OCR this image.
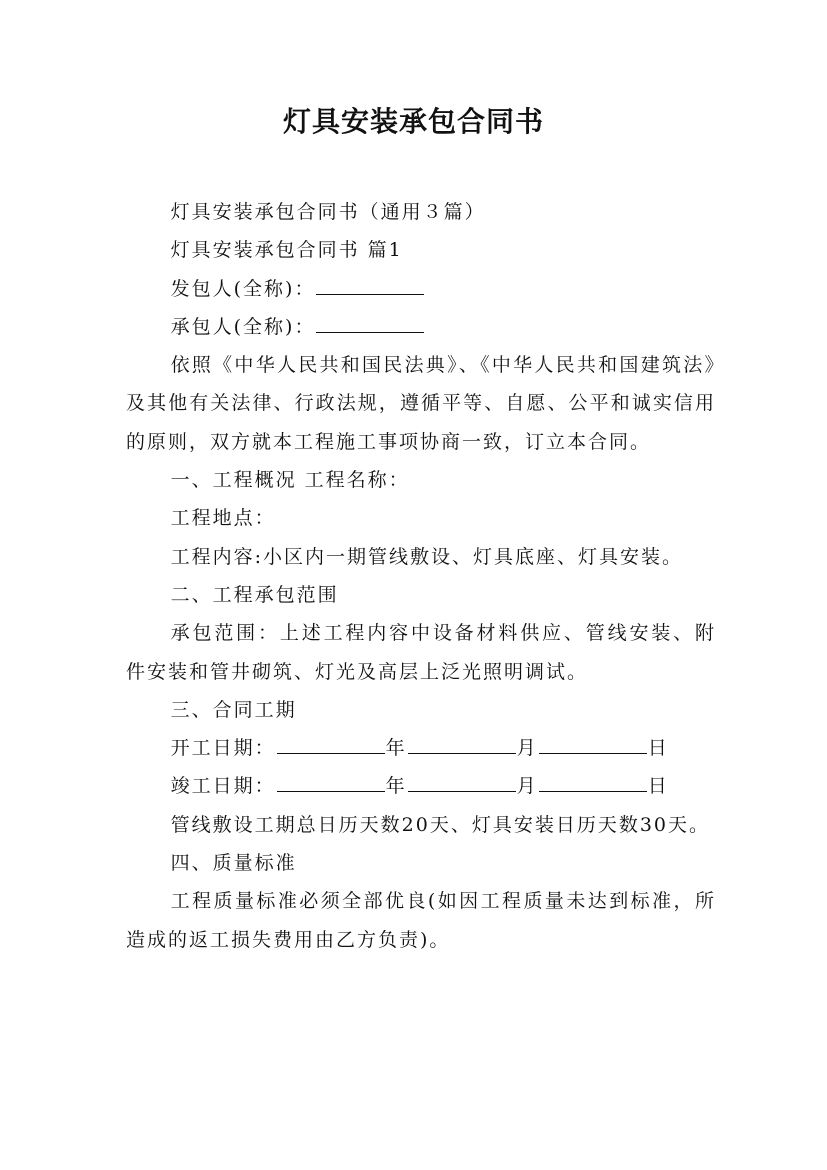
灯具安装承包合同书

灯具安装承包合同书（通用３篇）

灯具安装承包合同书 篇1

发包人(全称)：

承包人(全称)：

依照《中华人民共和国民法典》、《中华人民共和国建筑法》及其他有关法律、行政法规，遵循平等、自愿、公平和诚实信用的原则，双方就本工程施工事项协商一致，订立本合同。

一、工程概况 工程名称：

工程地点：

工程内容:小区内一期管线敷设、灯具底座、灯具安装。

二、工程承包范围

承包范围：上述工程内容中设备材料供应、管线安装、附件安装和管井砌筑、灯光及高层上泛光照明调试。

三、合同工期

开工日期：	年	月	日

竣工日期：	年	月	日

管线敷设工期总日历天数20天、灯具安装日历天数30天。

四、质量标准

工程质量标准必须全部优良(如因工程质量未达到标准，所造成的返工损失费用由乙方负责)。
